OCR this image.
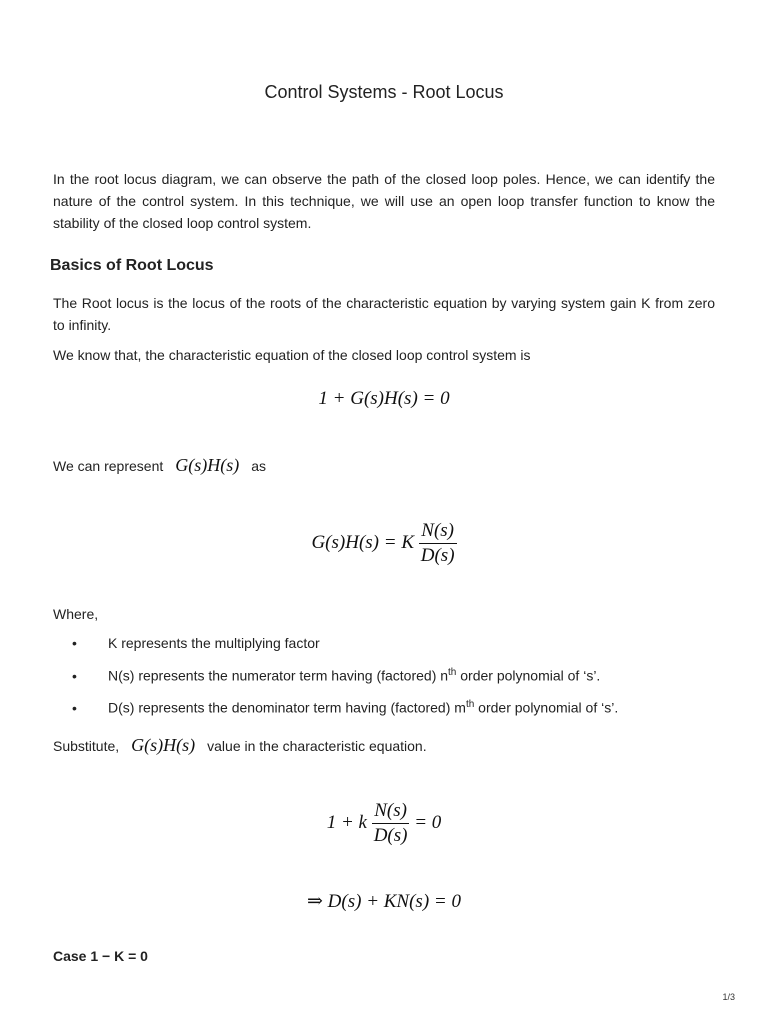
Control Systems - Root Locus
In the root locus diagram, we can observe the path of the closed loop poles. Hence, we can identify the nature of the control system. In this technique, we will use an open loop transfer function to know the stability of the closed loop control system.
Basics of Root Locus
The Root locus is the locus of the roots of the characteristic equation by varying system gain K from zero to infinity.
We know that, the characteristic equation of the closed loop control system is
1 + G(s)H(s) = 0
We can represent G(s)H(s) as
G(s)H(s) = K $\frac{N(s)}{D(s)}$
Where,
• K represents the multiplying factor
• N(s) represents the numerator term having (factored) $n^{th}$ order polynomial of ‘s’.
• D(s) represents the denominator term having (factored) $m^{th}$ order polynomial of ‘s’.
Substitute, G(s)H(s) value in the characteristic equation.
1 + k $\frac{N(s)}{D(s)} = 0$
⇒ D(s) + KN(s) = 0
Case 1 − K = 0
1/3
